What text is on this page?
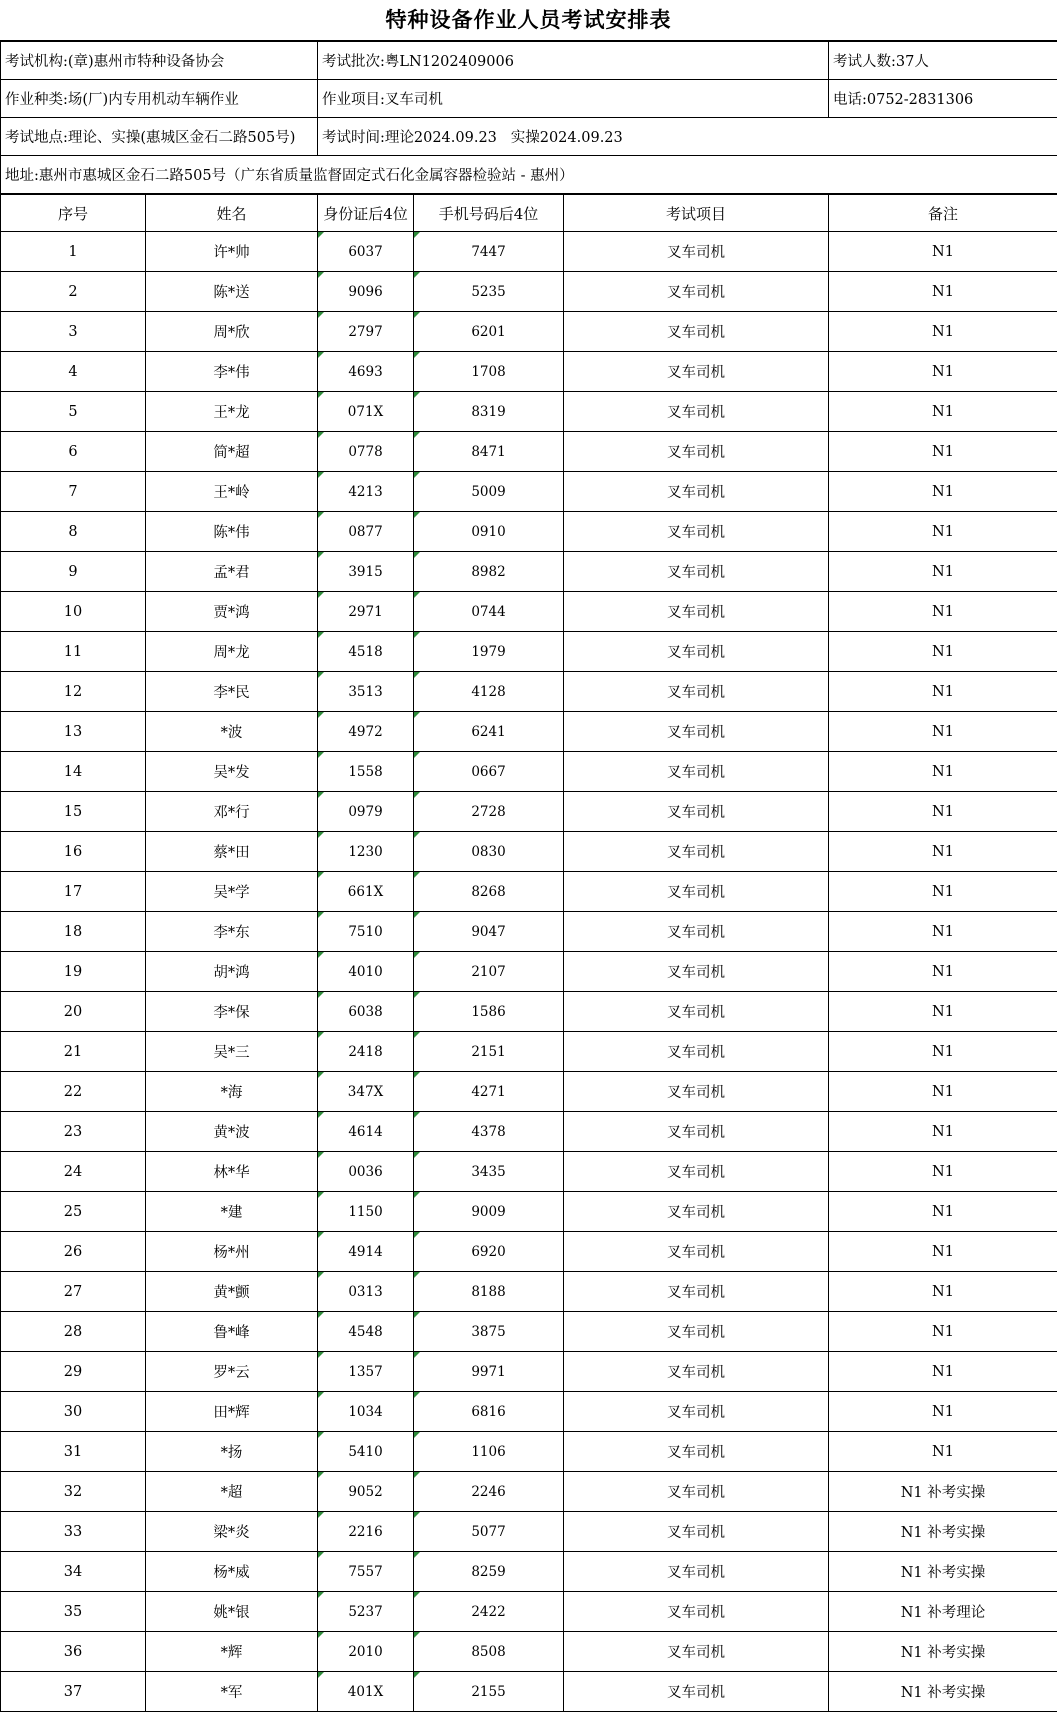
特种设备作业人员考试安排表
考试机构:(章)惠州市特种设备协会	考试批次:粤LN1202409006	考试人数:37人
作业种类:场(厂)内专用机动车辆作业	作业项目:叉车司机	电话:0752-2831306
考试地点:理论、实操(惠城区金石二路505号)	考试时间:理论2024.09.23   实操2024.09.23	
地址:惠州市惠城区金石二路505号（广东省质量监督固定式石化金属容器检验站 - 惠州）		
序号	姓名	身份证后4位	手机号码后4位	考试项目	备注
1	许*帅	6037	7447	叉车司机	N1
2	陈*送	9096	5235	叉车司机	N1
3	周*欣	2797	6201	叉车司机	N1
4	李*伟	4693	1708	叉车司机	N1
5	王*龙	071X	8319	叉车司机	N1
6	简*超	0778	8471	叉车司机	N1
7	王*岭	4213	5009	叉车司机	N1
8	陈*伟	0877	0910	叉车司机	N1
9	孟*君	3915	8982	叉车司机	N1
10	贾*鸿	2971	0744	叉车司机	N1
11	周*龙	4518	1979	叉车司机	N1
12	李*民	3513	4128	叉车司机	N1
13	*波	4972	6241	叉车司机	N1
14	吴*发	1558	0667	叉车司机	N1
15	邓*行	0979	2728	叉车司机	N1
16	蔡*田	1230	0830	叉车司机	N1
17	吴*学	661X	8268	叉车司机	N1
18	李*东	7510	9047	叉车司机	N1
19	胡*鸿	4010	2107	叉车司机	N1
20	李*保	6038	1586	叉车司机	N1
21	吴*三	2418	2151	叉车司机	N1
22	*海	347X	4271	叉车司机	N1
23	黄*波	4614	4378	叉车司机	N1
24	林*华	0036	3435	叉车司机	N1
25	*建	1150	9009	叉车司机	N1
26	杨*州	4914	6920	叉车司机	N1
27	黄*颤	0313	8188	叉车司机	N1
28	鲁*峰	4548	3875	叉车司机	N1
29	罗*云	1357	9971	叉车司机	N1
30	田*辉	1034	6816	叉车司机	N1
31	*扬	5410	1106	叉车司机	N1
32	*超	9052	2246	叉车司机	N1 补考实操
33	梁*炎	2216	5077	叉车司机	N1 补考实操
34	杨*威	7557	8259	叉车司机	N1 补考实操
35	姚*银	5237	2422	叉车司机	N1 补考理论
36	*辉	2010	8508	叉车司机	N1 补考实操
37	*军	401X	2155	叉车司机	N1 补考实操
